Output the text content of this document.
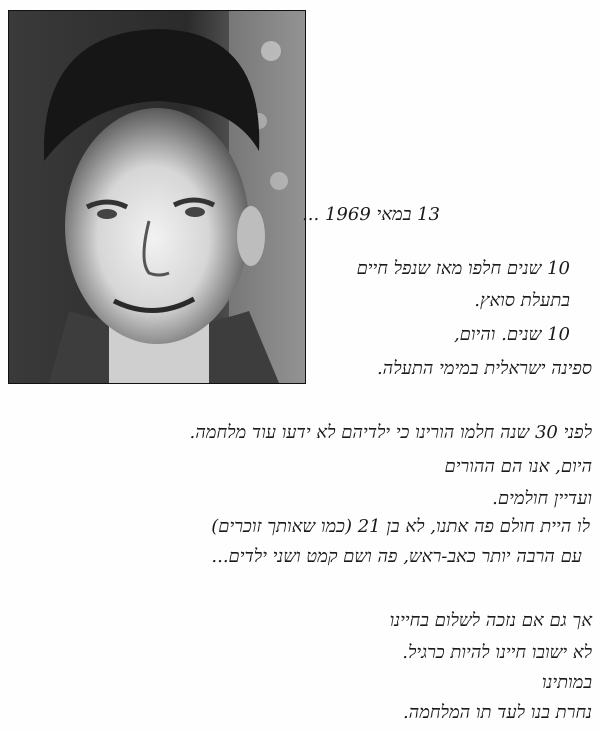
13 במאי 1969 ...
10 שנים חלפו מאז שנפל חיים
בתעלת סואץ.
10 שנים. והיום,
ספינה ישראלית במימי התעלה.
לפני 30 שנה חלמו הורינו כי ילדיהם לא ידעו עוד מלחמה.
היום, אנו הם ההורים
ועדיין חולמים.
לו היית חולם פה אתנו, לא בן 21 (כמו שאותך זוכרים)
עם הרבה יותר כאב-ראש, פה ושם קמט ושני ילדים...
אך גם אם נזכה לשלום בחיינו
לא ישובו חיינו להיות כרגיל.
במותינו
נחרת בנו לעד תו המלחמה.
